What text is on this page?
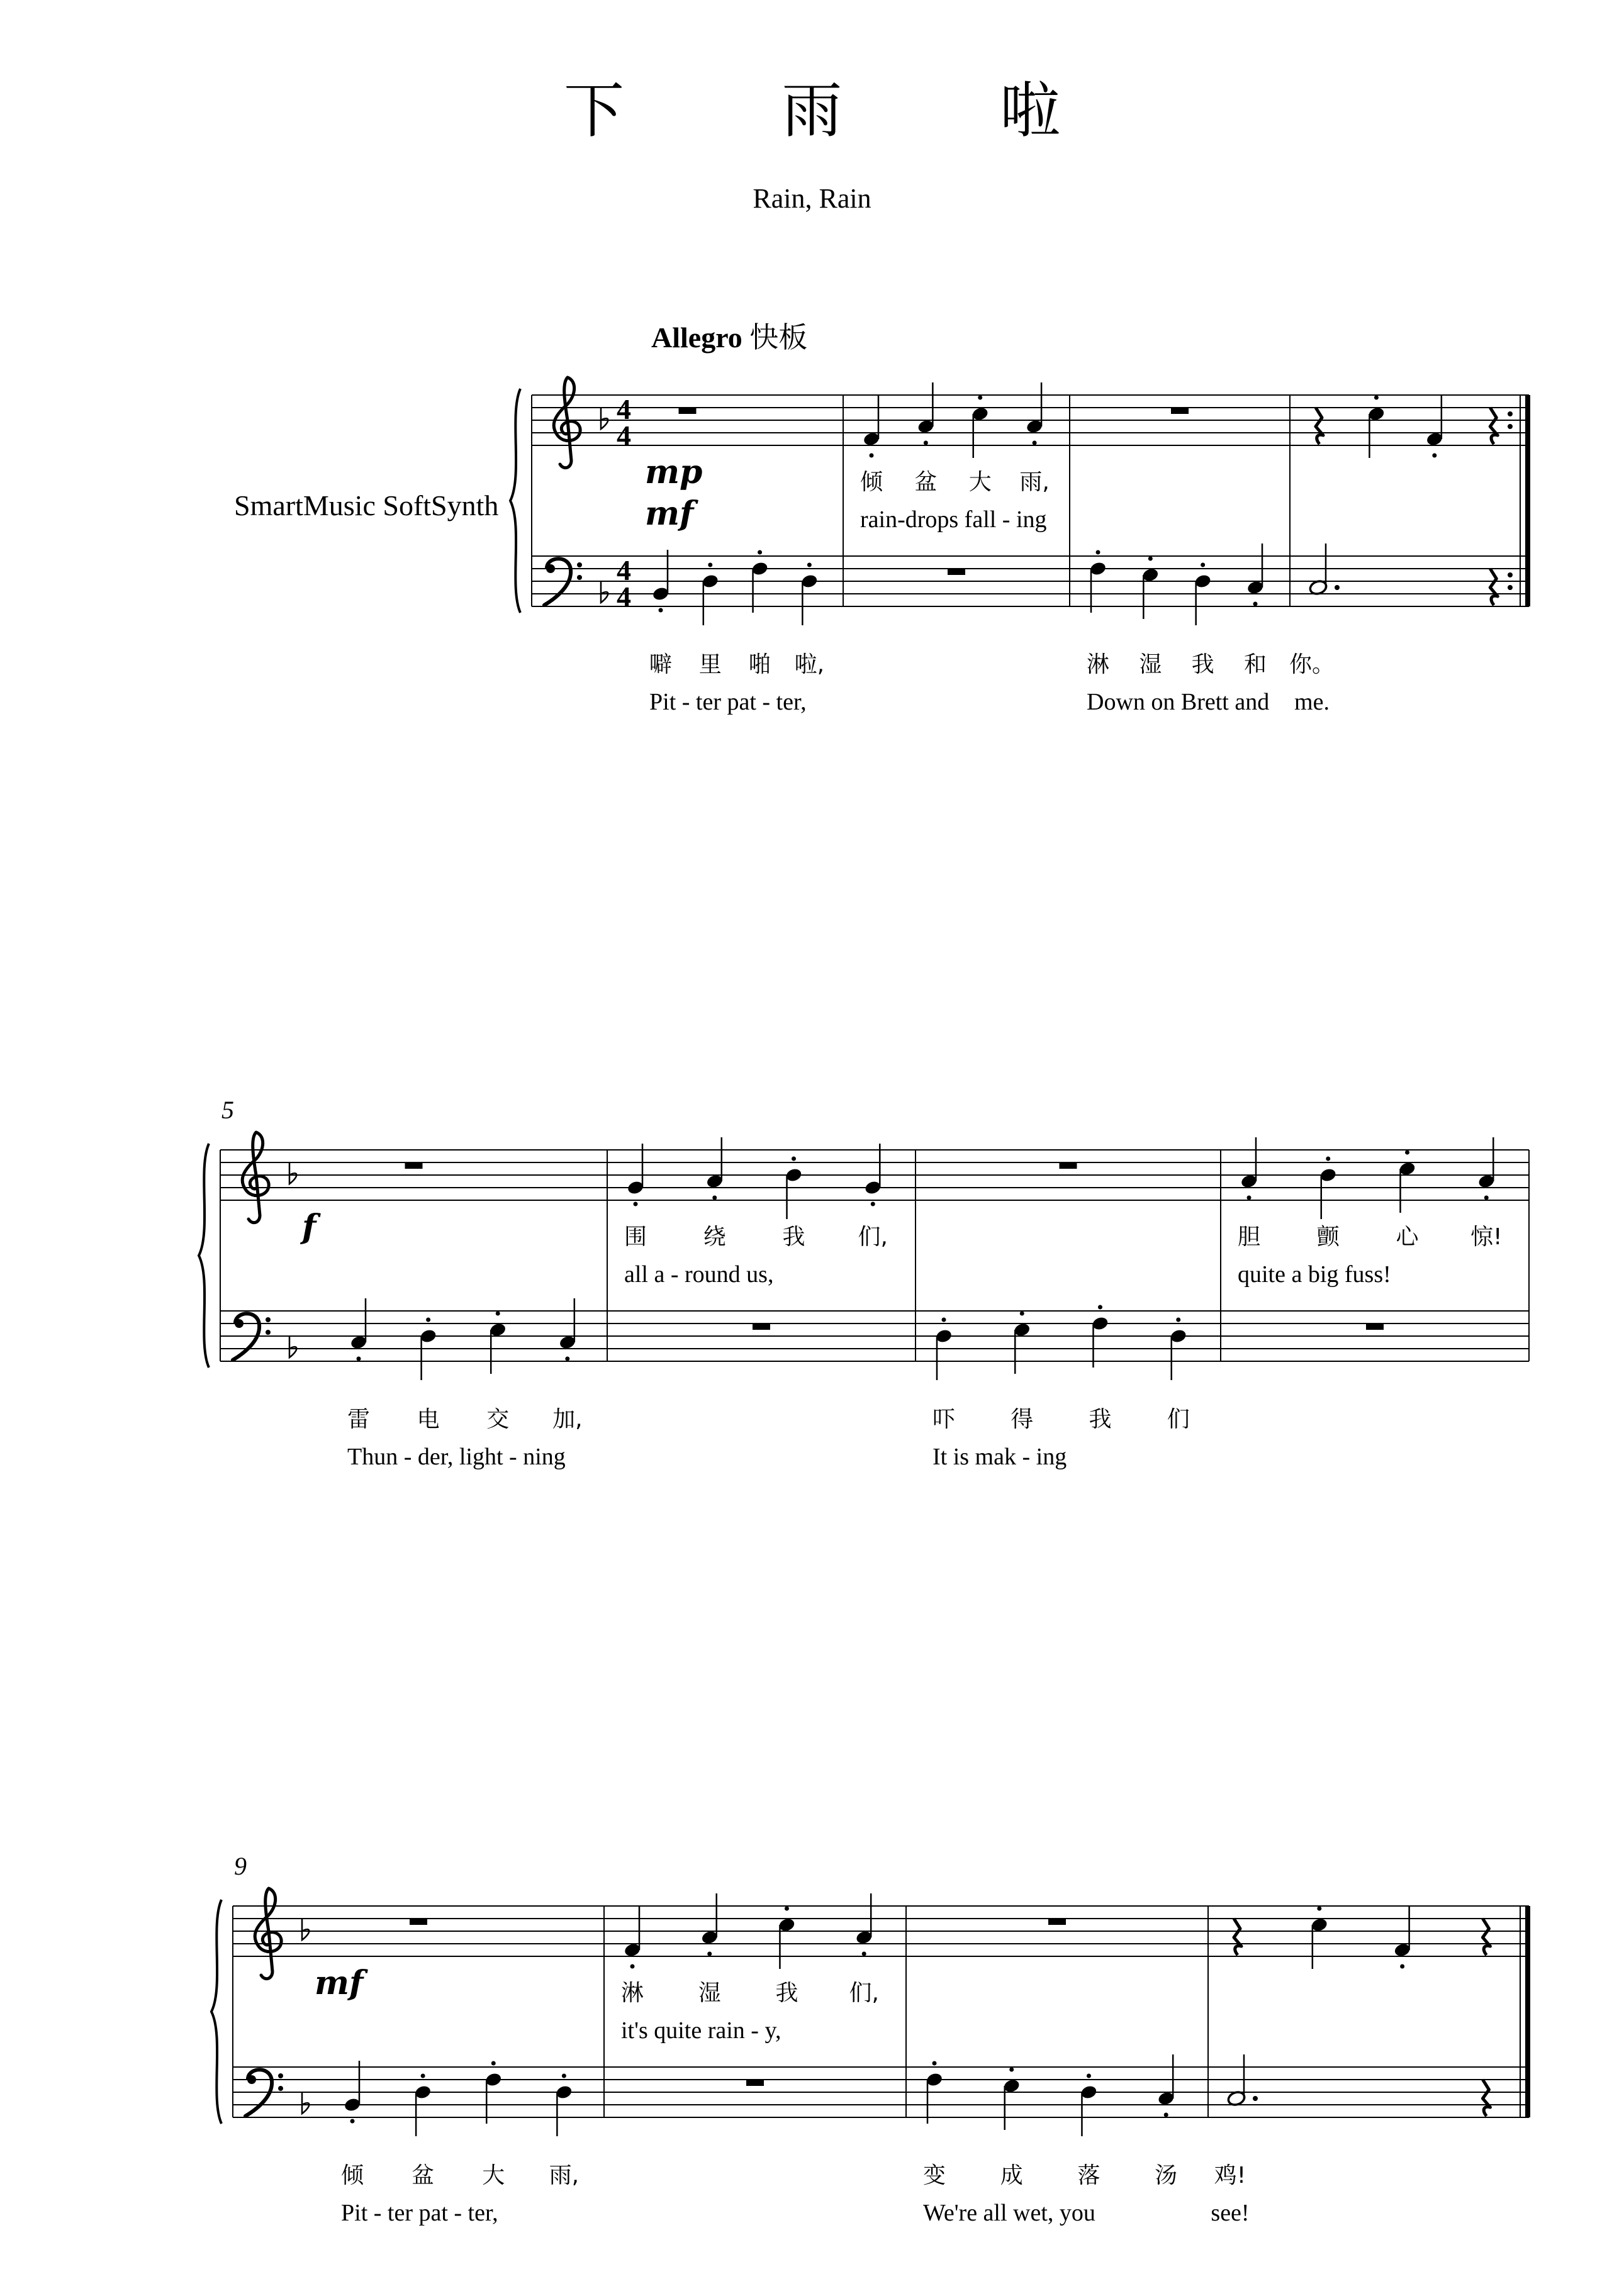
下 雨 啦
Rain, Rain
Allegro 快板
SmartMusic SoftSynth
4
4
4
4
mp
mf
倾 盆 大 雨,
rain-drops fall - ing
噼 里 啪 啦,
Pit - ter pat - ter,
淋 湿 我 和
Down on Brett and
你。
me.
5
f	围 绕 我 们,
all a - round us,
胆 颤 心 惊!
quite a big fuss!
雷 电 交 加,
Thun - der, light - ning
吓 得 我 们
It is mak - ing
9
mf	淋 湿 我 们,
it's quite rain - y,
倾 盆 大 雨,
Pit - ter pat - ter,
变 成 落 汤
We're all wet, you
鸡!
see!
